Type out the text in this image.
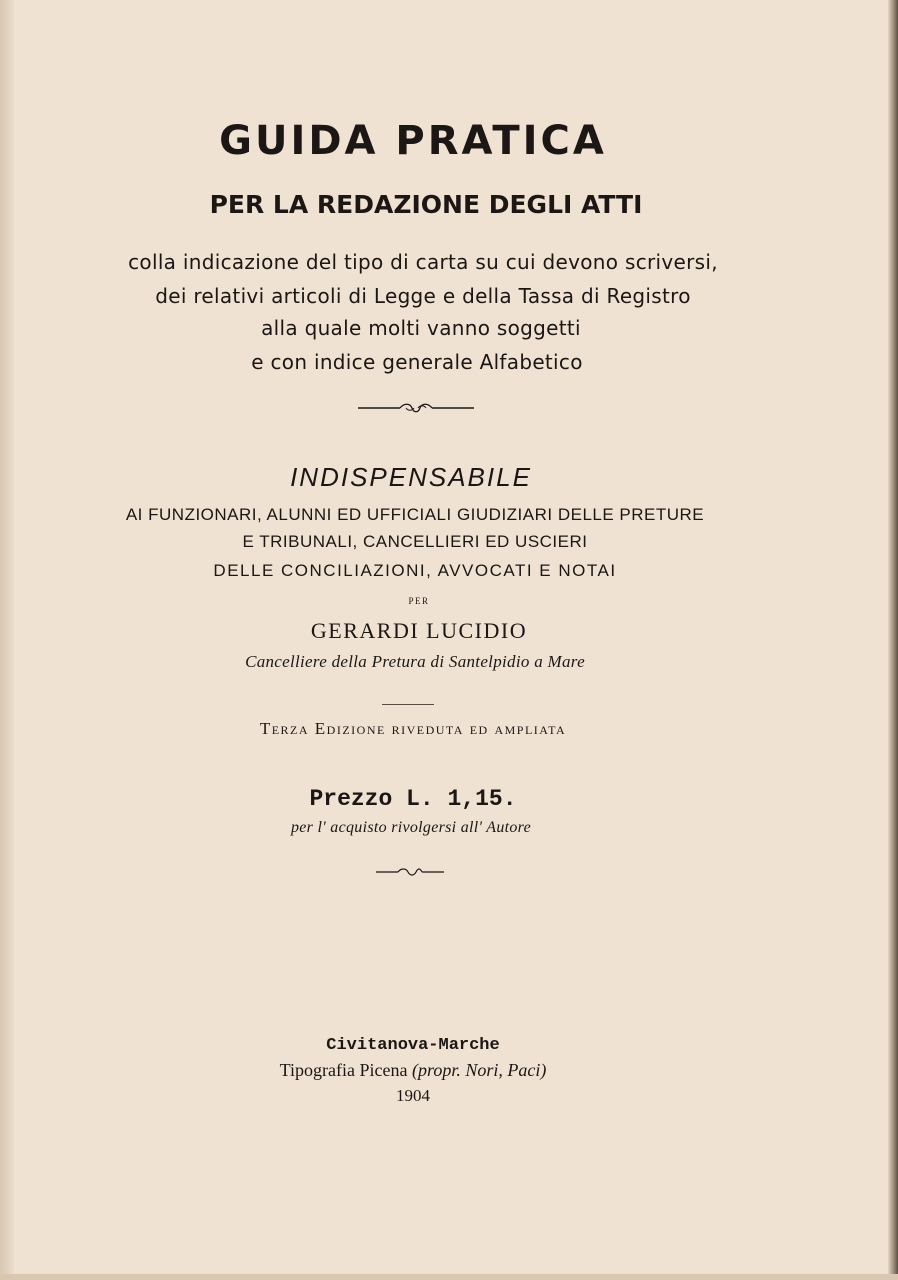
GUIDA PRATICA
PER LA REDAZIONE DEGLI ATTI
colla indicazione del tipo di carta su cui devono scriversi,
dei relativi articoli di Legge e della Tassa di Registro
alla quale molti vanno soggetti
e con indice generale Alfabetico
INDISPENSABILE
AI FUNZIONARI, ALUNNI ED UFFICIALI GIUDIZIARI DELLE PRETURE
E TRIBUNALI, CANCELLIERI ED USCIERI
DELLE CONCILIAZIONI, AVVOCATI E NOTAI
PER
GERARDI LUCIDIO
Cancelliere della Pretura di Santelpidio a Mare
Terza Edizione riveduta ed ampliata
Prezzo L. 1,15.
per l' acquisto rivolgersi all' Autore
Civitanova-Marche
Tipografia Picena (propr. Nori, Paci)
1904
